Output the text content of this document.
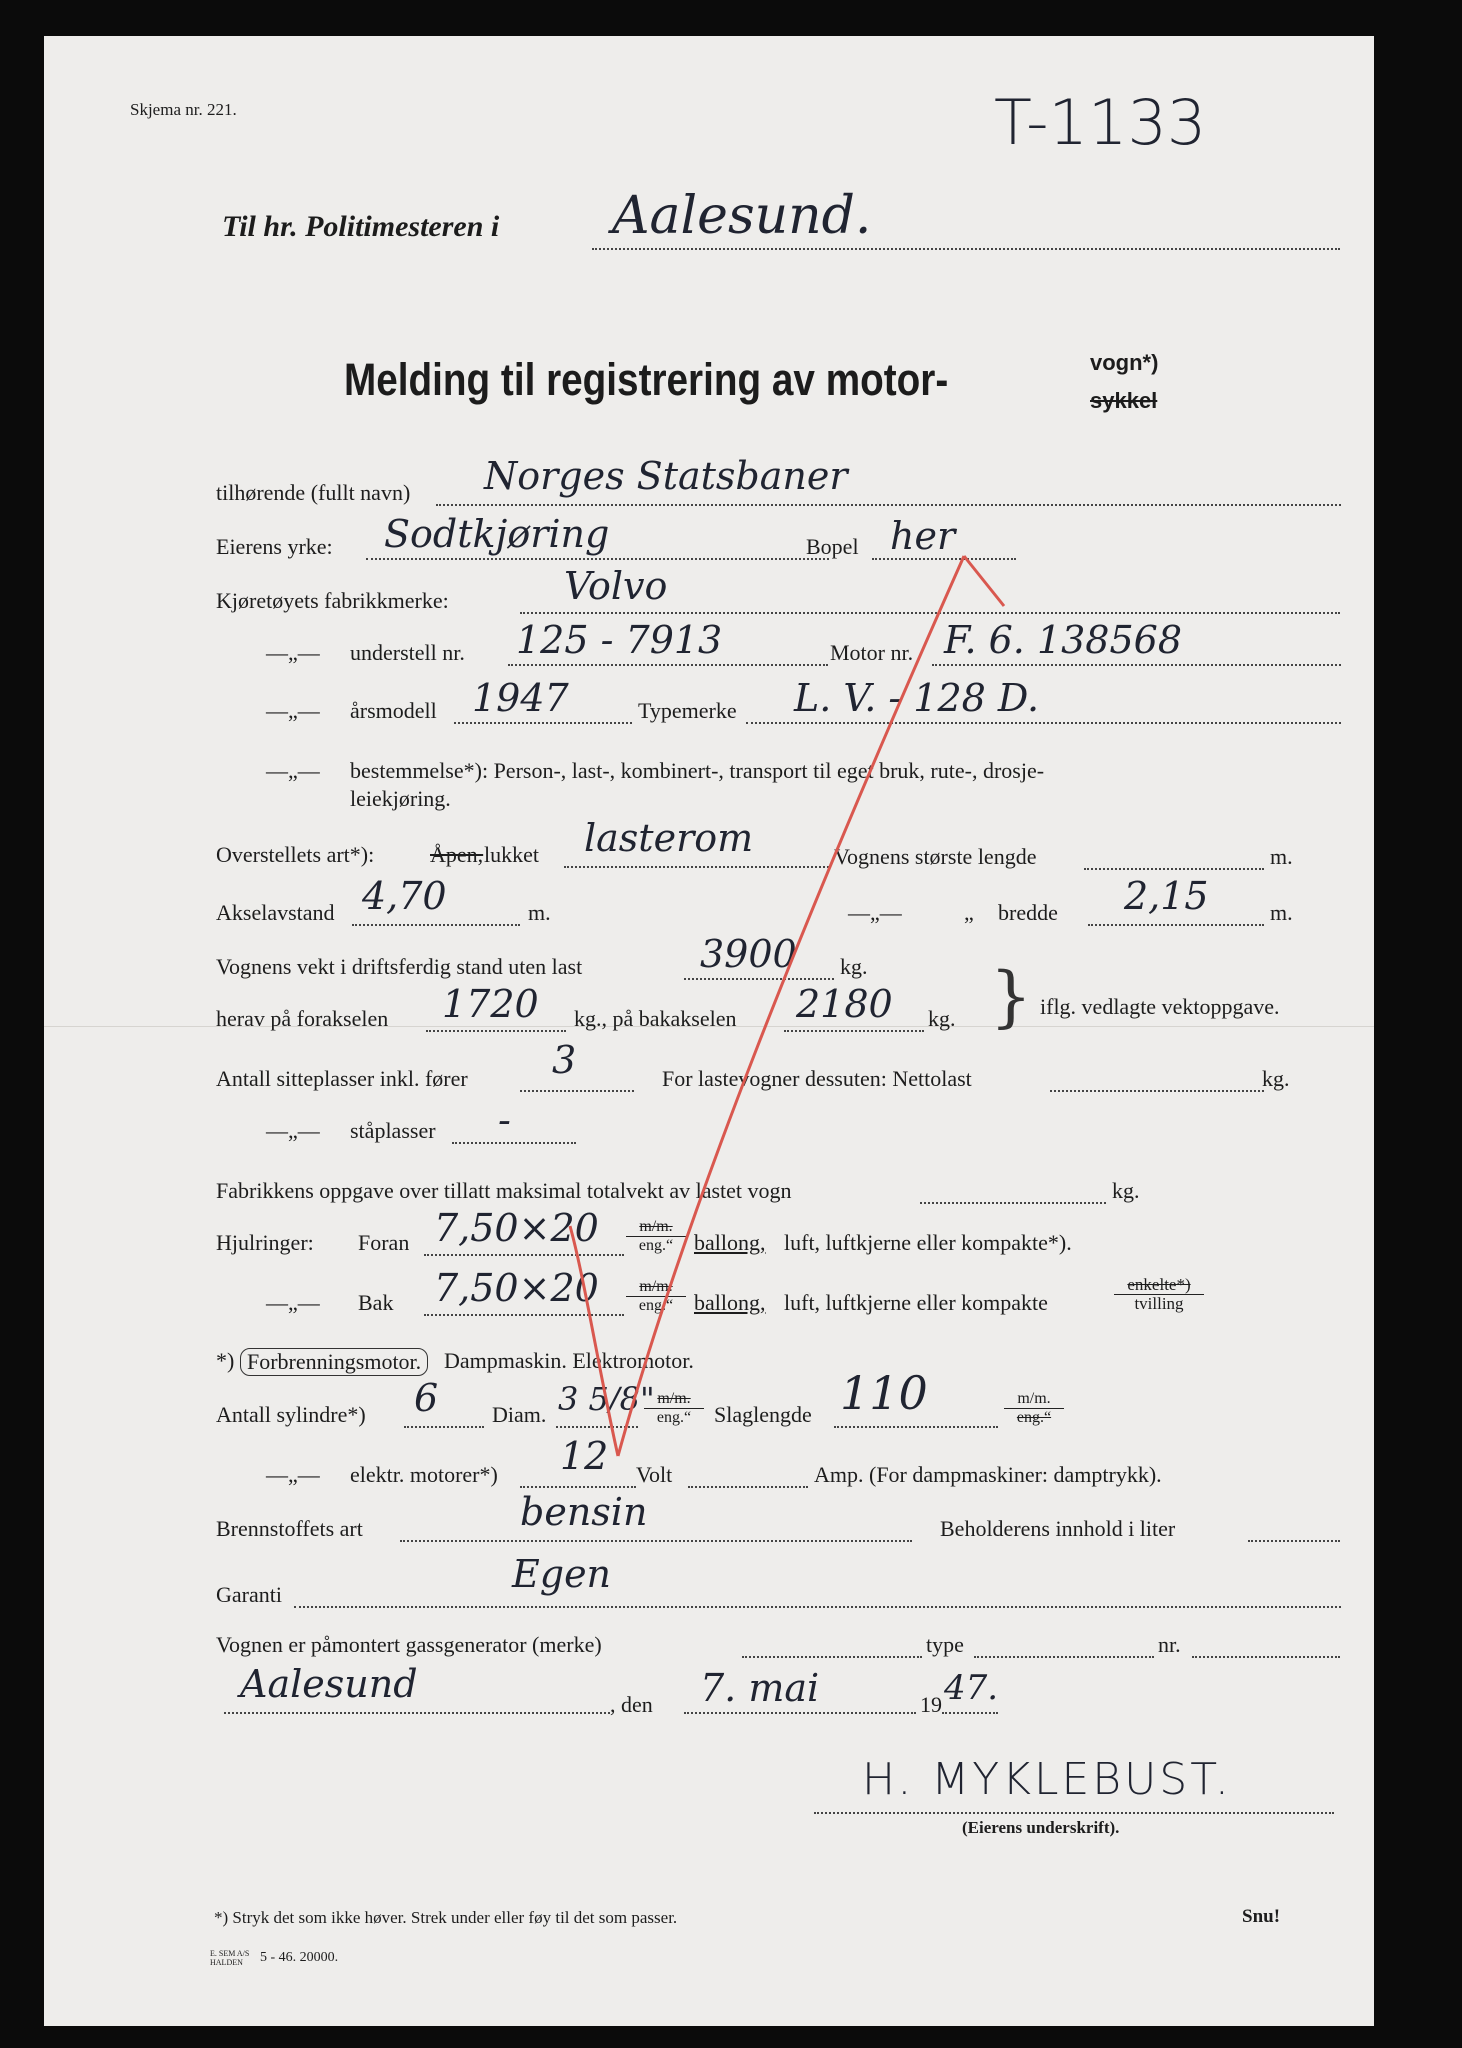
Skjema nr. 221.	T-1133
Til hr. Politimesteren i Aalesund.
Melding til registrering av motor-	vogn*)
sykkel
tilhørende (fullt navn) Norges Statsbaner
Eierens yrke: Sodtkjøring	Bopel her
Kjøretøyets fabrikkmerke:	Volvo
—„— understell nr. 125 - 7913	Motor nr. F. 6. 138568
—„— årsmodell 1947	Typemerke L. V. - 128 D.
—„— bestemmelse*): Person-, last-, kombinert-, transport til eget bruk, rute-, drosje-
leiekjøring.
Overstellets art*):	Åpen, lukket lasterom	Vognens største lengde	m.
Akselavstand 4,70	m.	—„—	„ bredde 2,15	m.
Vognens vekt i driftsferdig stand uten last	3900 kg.
herav på forakselen 1720 kg., på bakakselen 2180 kg. } iflg. vedlagte vektoppgave.
Antall sitteplasser inkl. fører 3	For lastevogner dessuten: Nettolast	kg.
—„— ståplasser -
Fabrikkens oppgave over tillatt maksimal totalvekt av lastet vogn	kg.
Hjulringer: Foran 7,50×20	m/m.
eng.“ ballong, luft, luftkjerne eller kompakte*).
—„— Bak 7,50×20	m/m.
eng.“ ballong, luft, luftkjerne eller kompakte
enkelte*)
tvilling
*) Forbrenningsmotor.	Dampmaskin. Elektromotor.
Antall sylindre*) 6 Diam. 3 5/8" m/m.
eng.“	Slaglengde 110	m/m.
eng.“
—„— elektr. motorer*) 12 Volt	Amp. (For dampmaskiner: damptrykk).
Brennstoffets art	bensin	Beholderens innhold i liter
Garanti	Egen
Vognen er påmontert gassgenerator (merke)	type	nr.
Aalesund	, den 7. mai	19 47.
H. MYKLEBUST.
(Eierens underskrift).
*) Stryk det som ikke høver. Strek under eller føy til det som passer.	Snu!
E. SEM A/S
HALDEN 5 - 46. 20000.
